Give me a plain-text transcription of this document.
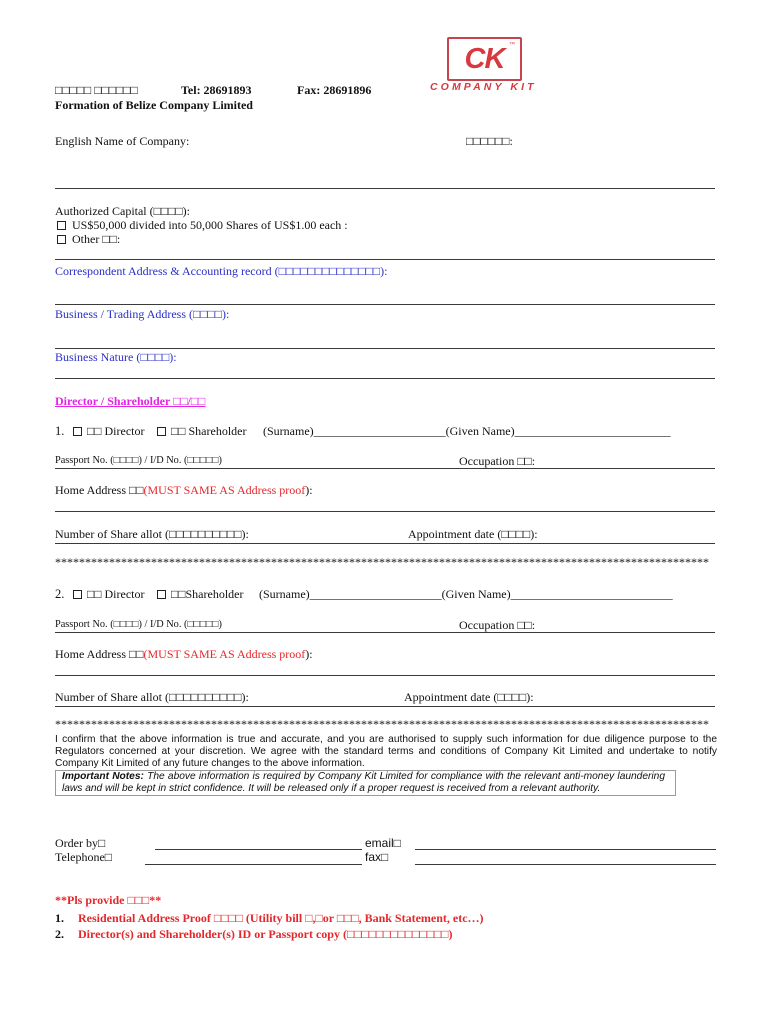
□□□□□ □□□□□□	Tel: 28691893	Fax: 28691896
Formation of Belize Company Limited
CK ™
COMPANY KIT
English Name of Company:	□□□□□□:
Authorized Capital (□□□□):
US$50,000 divided into 50,000 Shares of US$1.00 each :
Other □□:
Correspondent Address & Accounting record (□□□□□□□□□□□□□□):
Business / Trading Address (□□□□):
Business Nature (□□□□):
Director / Shareholder □□/□□
1. □□ Director □□ Shareholder (Surname)______________________(Given Name)__________________________
Passport No. (□□□□) / I/D No. (□□□□□)	Occupation □□:
Home Address □□(MUST SAME AS Address proof):
Number of Share allot (□□□□□□□□□□):	Appointment date (□□□□):
*************************************************************************************************************
2. □□ Director □□Shareholder (Surname)______________________(Given Name)___________________________
Passport No. (□□□□) / I/D No. (□□□□□)	Occupation □□:
Home Address □□(MUST SAME AS Address proof):
Number of Share allot (□□□□□□□□□□):	Appointment date (□□□□):
*************************************************************************************************************
I confirm that the above information is true and accurate, and you are authorised to supply such information for due diligence purpose to the Regulators concerned at your discretion. We agree with the standard terms and conditions of Company Kit Limited and undertake to notify Company Kit Limited of any future changes to the above information.
Important Notes: The above information is required by Company Kit Limited for compliance with the relevant anti-money laundering laws and will be kept in strict confidence. It will be released only if a proper request is received from a relevant authority.
Order by□	email□
Telephone□	fax□
**Pls provide □□□**
1. Residential Address Proof □□□□ (Utility bill □,□or □□□, Bank Statement, etc…)
2. Director(s) and Shareholder(s) ID or Passport copy (□□□□□□□□□□□□□□)
